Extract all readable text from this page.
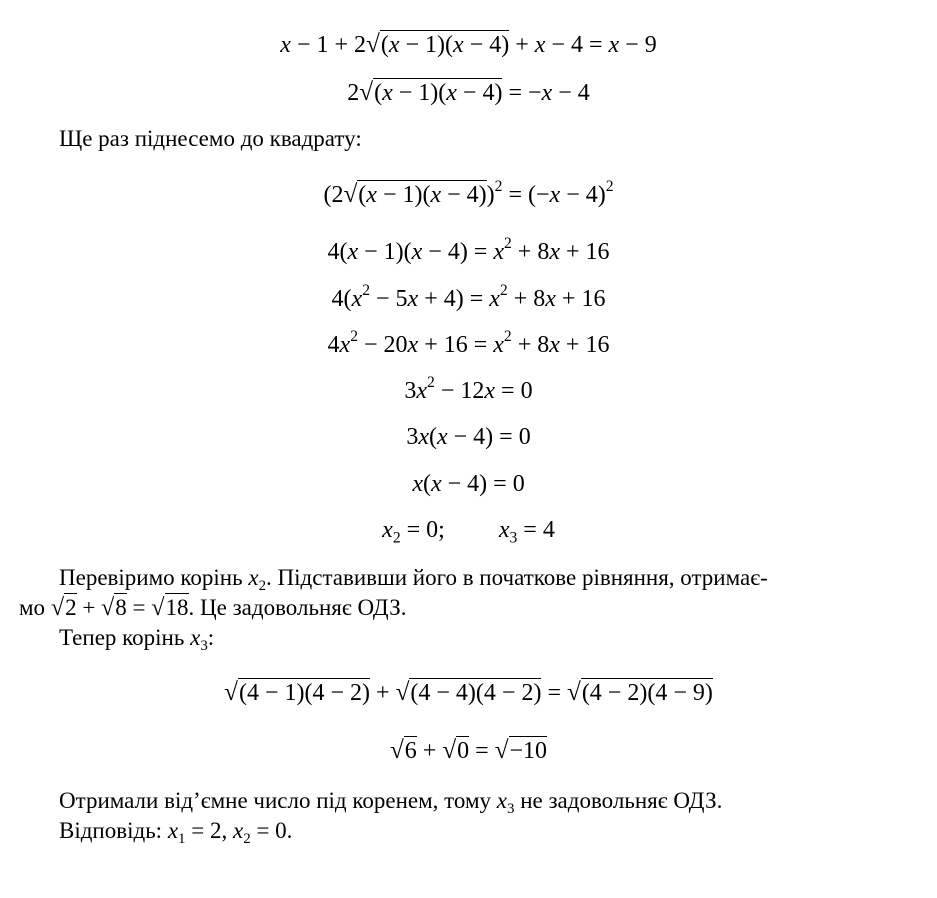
x − 1 + 2√(x − 1)(x − 4) + x − 4 = x − 9
2√(x − 1)(x − 4) = −x − 4
Ще раз піднесемо до квадрату:
$(2√(x - 1)(x - 4))^2 = (-x - 4)^2$
$4(x - 1)(x - 4) = x^2 + 8x + 16$
$4(x^2 - 5x + 4) = x^2 + 8x + 16$
$4x^2 - 20x + 16 = x^2 + 8x + 16$
$3x^2 - 12x = 0$
3x(x − 4) = 0
x(x − 4) = 0
$x_2 = 0$; $x_3 = 4$
Перевіримо корінь $x_2$. Підставивши його в початкове рівняння, отримає-
мо √2 + √8 = √18. Це задовольняє ОДЗ.
Тепер корінь $x_3$:
√(4 − 1)(4 − 2) + √(4 − 4)(4 − 2) = √(4 − 2)(4 − 9)
√6 + √0 = √−10
Отримали від’ємне число під коренем, тому $x_3$ не задовольняє ОДЗ.
Відповідь: $x_1 = 2$, $x_2 = 0$.
